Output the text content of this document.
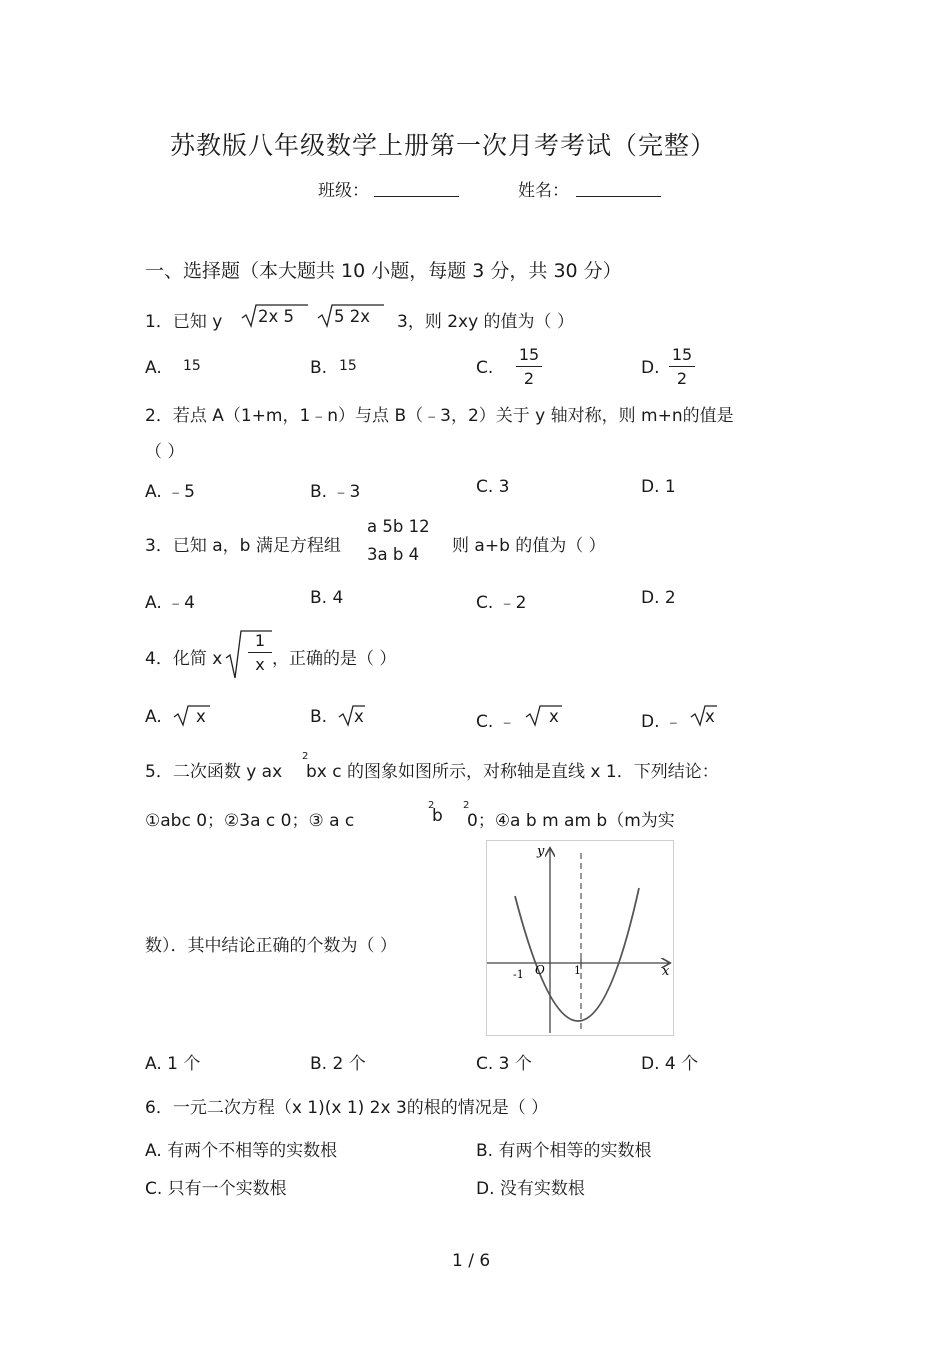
苏教版八年级数学上册第一次月考考试（完整）
班级：	姓名：
一、选择题（本大题共 10 小题，每题 3 分，共 30 分）
1．已知 y 2x 5 5 2x 3，则 2xy 的值为（ ）
A. 15	B. 15	C.
15
2
D.
15
2
2．若点 A（1+m，1﹣n）与点 B（﹣3，2）关于 y 轴对称，则 m+n的值是
（ ）
A. ﹣5	B. ﹣3	C. 3	D. 1
3．已知 a，b 满足方程组
a 5b 12
3a b 4 则 a+b 的值为（ ）
A. ﹣4	B. 4	C. ﹣2	D. 2
4．化简 x
1
x ，正确的是（ ）
A. x	B. x	C. ﹣ x	D. ﹣ x
5．二次函数 y ax
2
bx c 的图象如图所示，对称轴是直线 x 1．下列结论：
①abc 0；②3a c 0；③ a c
2
b
2
0；④a b m am b（m为实
数）．其中结论正确的个数为（ ）
y
x
O
-1	1
A. 1 个	B. 2 个	C. 3 个	D. 4 个
6．一元二次方程（x 1)(x 1) 2x 3的根的情况是（ ）
A. 有两个不相等的实数根	B. 有两个相等的实数根
C. 只有一个实数根	D. 没有实数根
1 / 6
